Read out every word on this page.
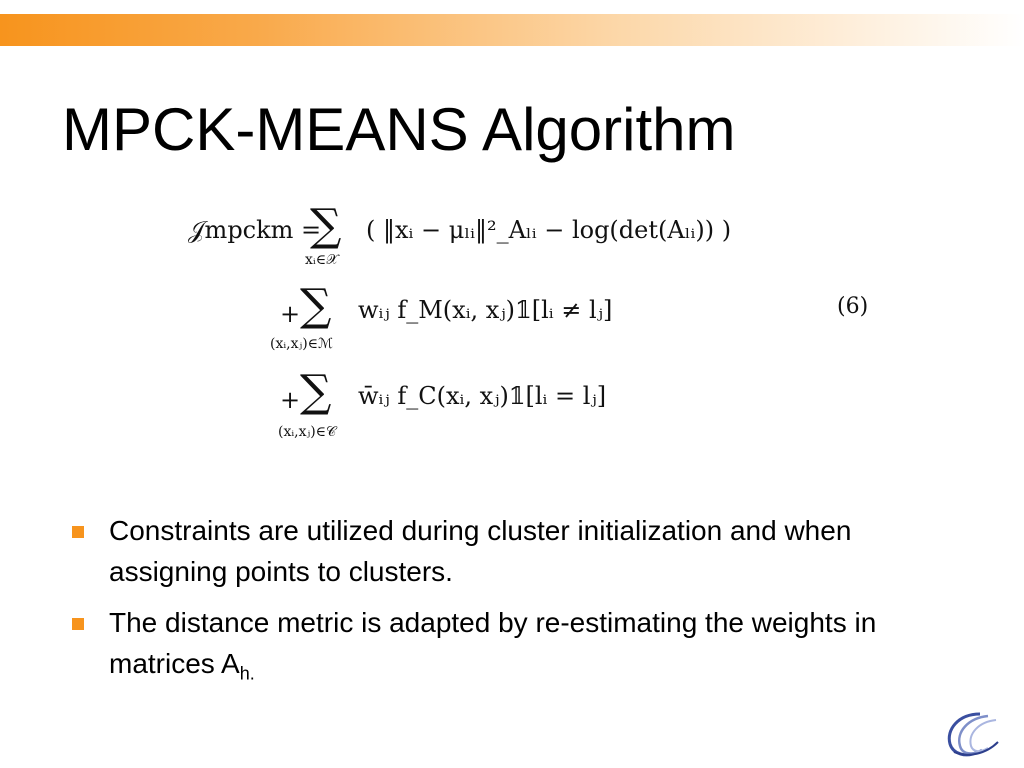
MPCK-MEANS Algorithm
𝒥mpckm =
∑
xᵢ∈𝒳
( ‖xᵢ − μₗᵢ‖²_Aₗᵢ − log(det(Aₗᵢ)) )
+ ∑
(xᵢ,xⱼ)∈ℳ
wᵢⱼ f_M(xᵢ, xⱼ)𝟙[lᵢ ≠ lⱼ]
+ ∑
(xᵢ,xⱼ)∈𝒞
w̄ᵢⱼ f_C(xᵢ, xⱼ)𝟙[lᵢ = lⱼ]
(6)
Constraints are utilized during cluster initialization and when assigning points to clusters.
The distance metric is adapted by re-estimating the weights in matrices $A_{h.}$
